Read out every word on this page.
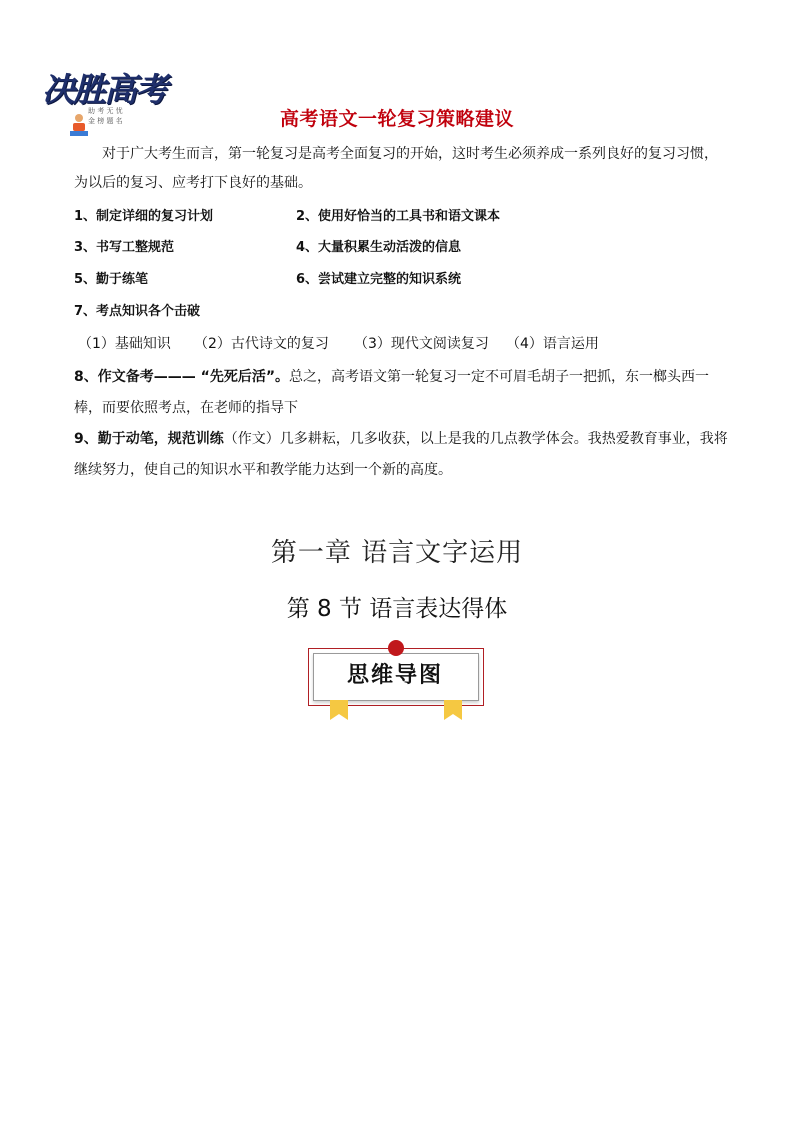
决胜高考
助 考 无 忧
金 榜 题 名	高考语文一轮复习策略建议
对于广大考生而言，第一轮复习是高考全面复习的开始，这时考生必须养成一系列良好的复习习惯，为以后的复习、应考打下良好的基础。
1、制定详细的复习计划	2、使用好恰当的工具书和语文课本
3、书写工整规范	4、大量积累生动活泼的信息
5、勤于练笔	6、尝试建立完整的知识系统
7、考点知识各个击破
（1）基础知识 （2）古代诗文的复习 （3）现代文阅读复习 （4）语言运用
8、作文备考——— “先死后活”。总之，高考语文第一轮复习一定不可眉毛胡子一把抓，东一榔头西一棒，而要依照考点，在老师的指导下
9、勤于动笔，规范训练（作文）几多耕耘，几多收获，以上是我的几点教学体会。我热爱教育事业，我将继续努力，使自己的知识水平和教学能力达到一个新的高度。
第一章 语言文字运用
第 8 节 语言表达得体
思维导图
